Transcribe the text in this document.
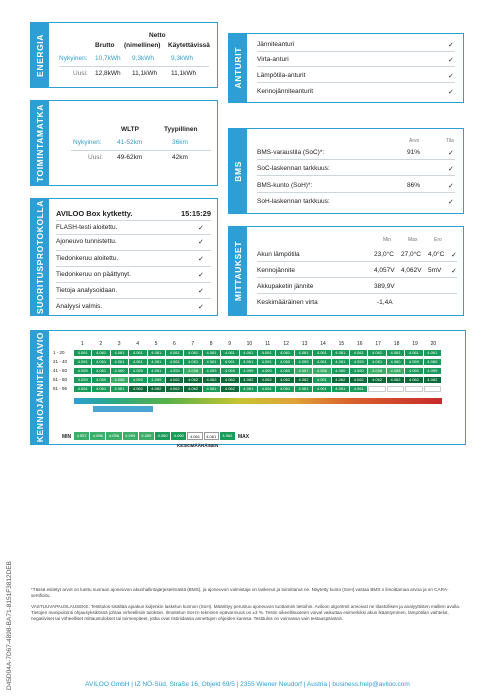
ENERGIA	Netto
(nimellinen)
Brutto	Käytettävissä
Nykyinen: 10,7kWh 9,3kWh	9,3kWh
Uusi: 12,8kWh 11,1kWh 11,1kWh
TOIMINTAMATKA	WLTP	Tyypillinen
Nykyinen: 41-52km	36km
Uusi: 49-62km	42km
SUORITUSPROTOKOLLA AVILOO Box kytketty.	15:15:29
FLASH-testi aloitettu.	✓
Ajoneuvo tunnistettu.	✓
Tiedonkeruu aloitettu.	✓
Tiedonkeruu on päättynyt.	✓
Tietoja analysoidaan.	✓
Analyysi valmis.	✓
ANTURIT
Jänniteanturi	✓
Virta-anturi	✓
Lämpötila-anturit	✓
Kennojänniteanturit	✓
BMS
Arvo	Tila
BMS-varaustila (SoC)*:	91%	✓
SoC-laskennan tarkkuus:	✓
BMS-kunto (SoH)*:	86%	✓
SoH-laskennan tarkkuus:	✓
MITTAUKSET
Min	Max	Ero
Akun lämpötila	23,0°C 27,0°C 4,0°C ✓
Kennojännite	4,057V 4,062V 5mV ✓
Akkupaketin jännite	389,9V
Keskimääräinen virta	-1,4A
KENNOJÄNNITEKAAVIO	1	2	3	4	5	6	7	8	9	10	11	12	13	14	15	16	17	18	19	20
1 - 20	4.061	4.061	4.061	4.061	4.061	4.061	4.061	4.061	4.061	4.061	4.061	4.061	4.061	4.061	4.061	4.061	4.061	4.061	4.061	4.061
21 - 40	4.061	4.061	4.061	4.061	4.061	4.061	4.061	4.061	4.061	4.061	4.061	4.060	4.059	4.061	4.061	4.059	4.061	4.060	4.059	4.060
41 - 60	4.059	4.061	4.060	4.059	4.061	4.059	4.058	4.059	4.059	4.059	4.060	4.060	4.057	4.058	4.060	4.060	4.058	4.058	4.060	4.059
61 - 80	4.059	4.059	4.058	4.059	4.059	4.062	4.062	4.062	4.062	4.062	4.062	4.062	4.062	4.061	4.062	4.062	4.062	4.062	4.062	4.062
81 - 96	4.061	4.061	4.061	4.062	4.062	4.062	4.062	4.061	4.062	4.061	4.061	4.061	4.061	4.061	4.061	4.061
MIN	MAX
4.057	4.058	4.058	4.059	4.059	4.060	4.060	4.061	4.061	4.062
KESKIMÄÄRÄINEN
D45D04A-7D67-4898-BA71-8151F3812DEB	*Tässä esitetyt arvot on luettu suoraan ajoneuvon akunhallintajärjestelmästä (BMS), ja ajoneuvon valmistaja on laskenut ja toimittanut ne. Näytetty kunto (SoH) vastaa BMS:n ilmoittamaa arvoa ja on CARA-sertifioitu.
VASTUUVAPAUSLAUSEKE: Testitulos sisältää ajoakun kuljenkin laskelun kunnon (SoH). Määrittyy perustuu ajoneuvon tuottamiin tietoihin. Aviloon algoritmit arvioivat ne tilastollisen ja analyyttisten mallien avulla. Tietojen manipulointi ohjausyksikössä johtaa virheellisiin tuloksiin. Ilmoitetun SoH:n tekninen epävarmuus on ±3 %. Testin oikeellisuuteen voivat vaikuttaa esimerkiksi akun ikääntyminen, lämpötilan vaihtelut, negatiiviset tai virheelliset mittaustulokset tai toimenpiteet, jotka ovat ristiriidassa annettujen ohjeiden kanssa. Testitulos on voimassa vain testauspäivänä.
AVILOO GmbH | IZ NÖ-Süd, Straße 16, Objekt 69/5 | 2355 Wiener Neudorf | Austria | business.help@aviloo.com
